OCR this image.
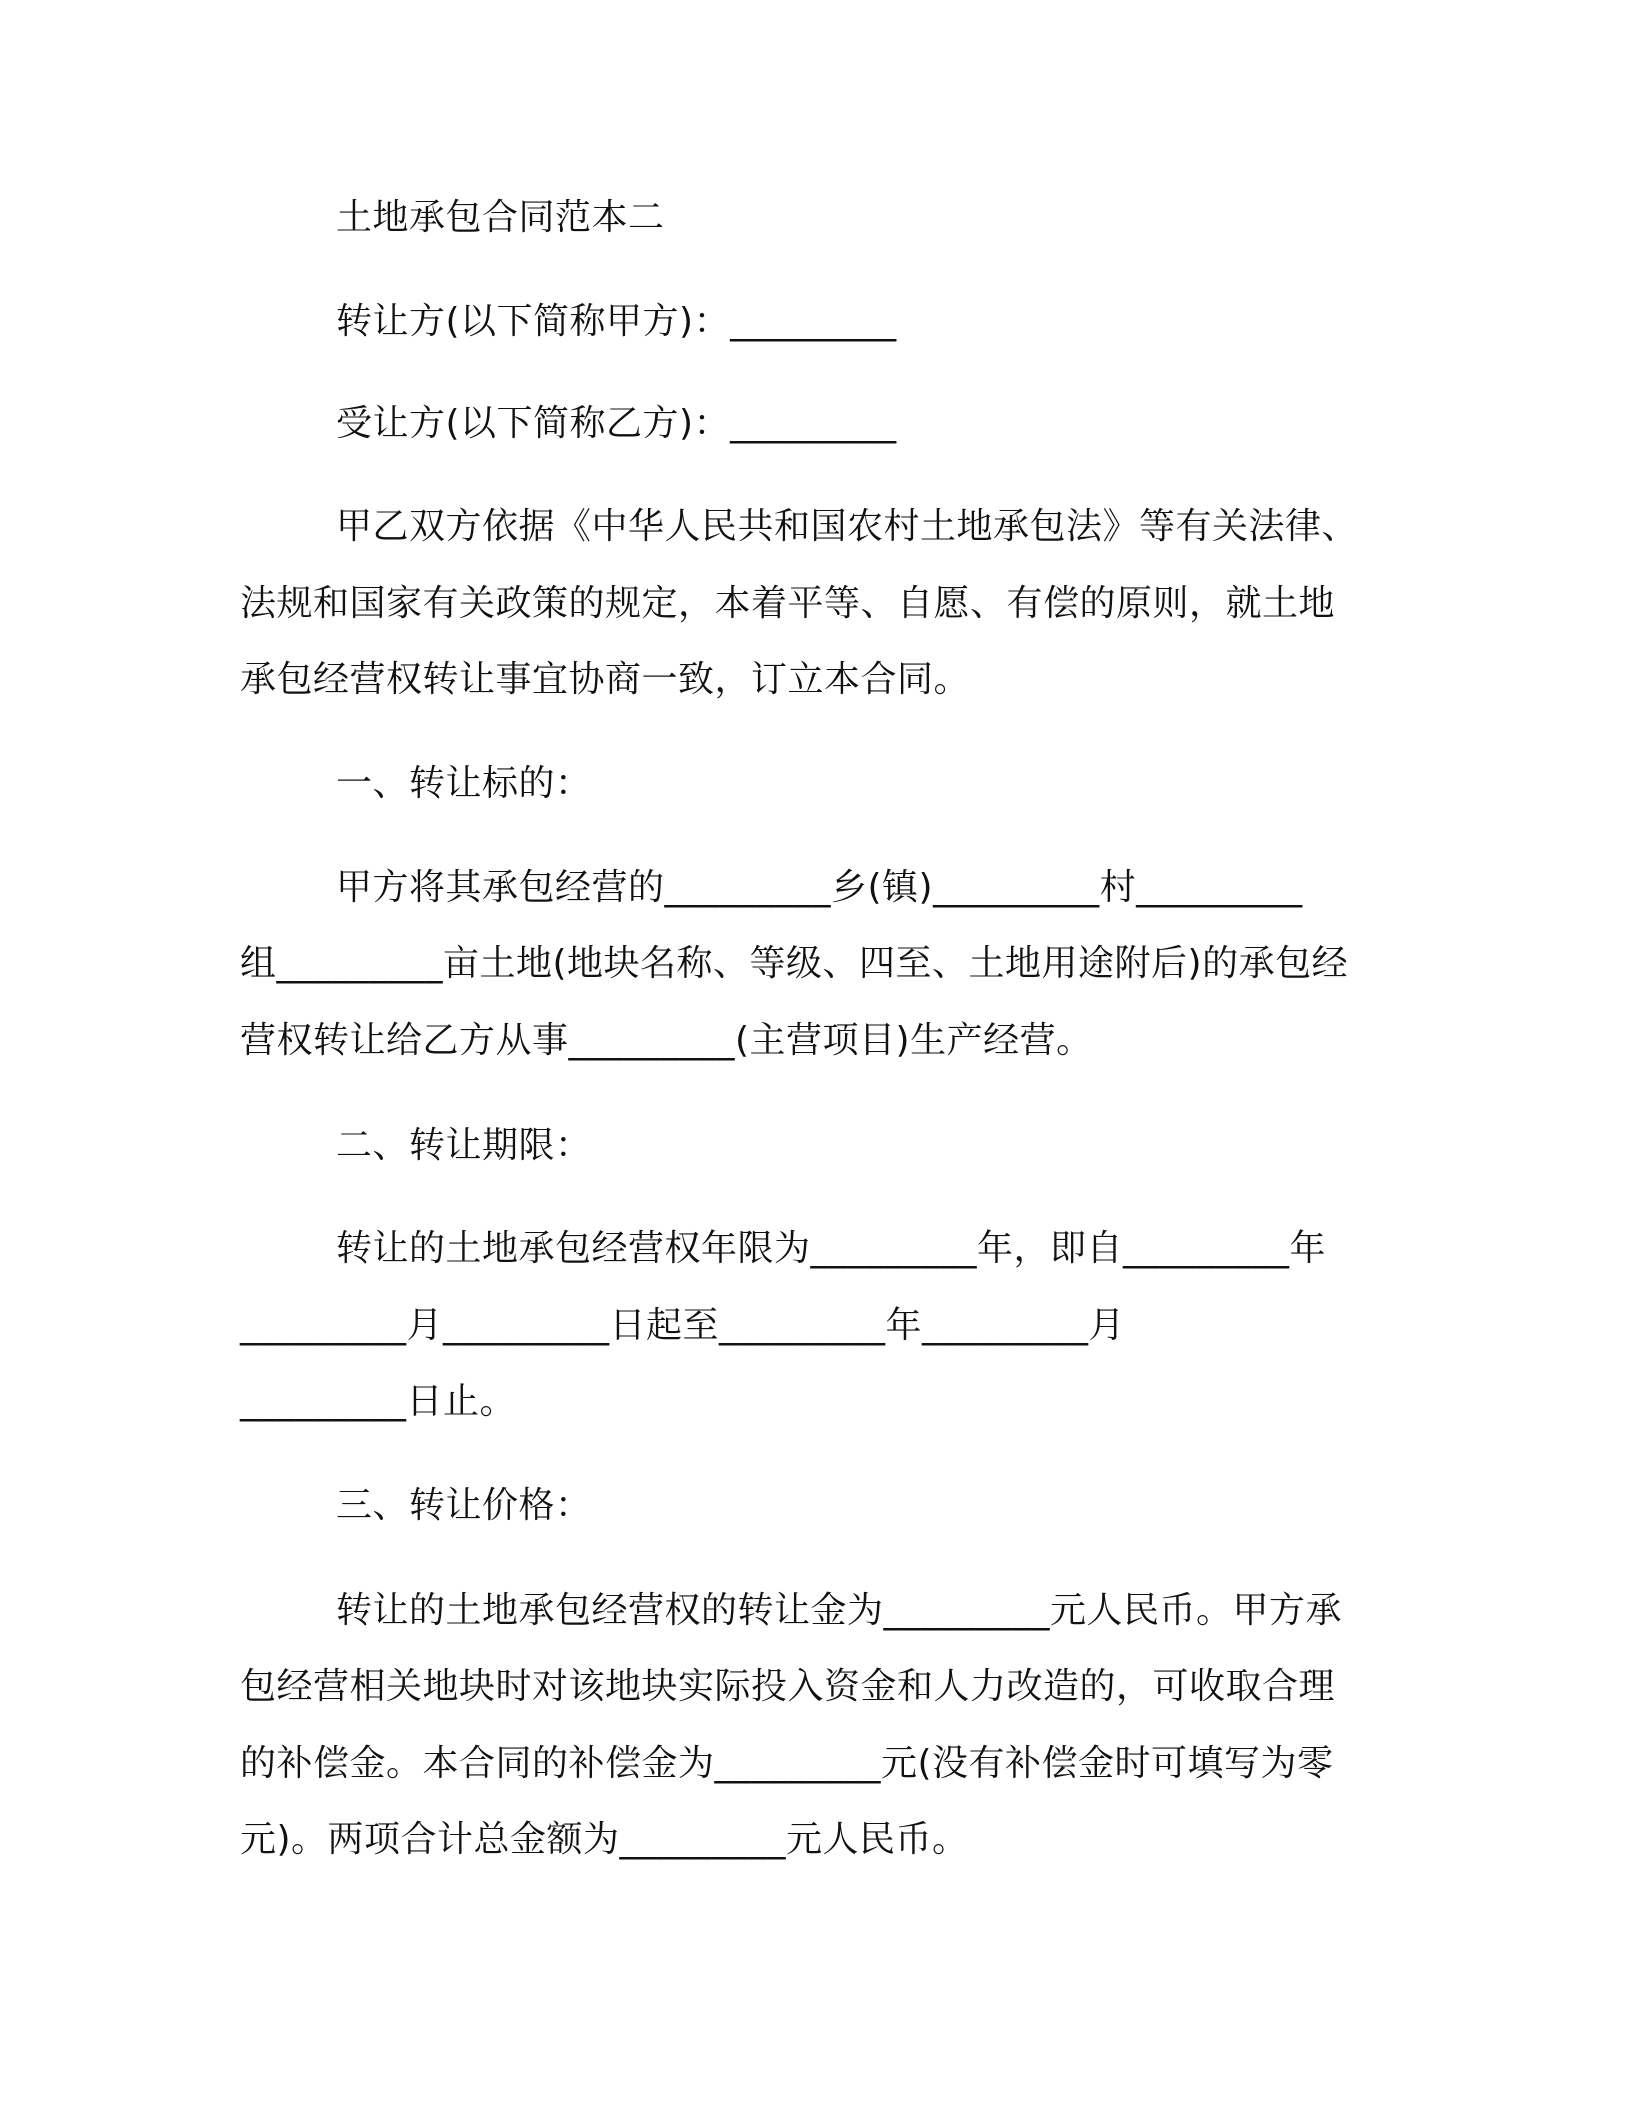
土地承包合同范本二
转让方(以下简称甲方)：_________
受让方(以下简称乙方)：_________
甲乙双方依据《中华人民共和国农村土地承包法》等有关法律、
法规和国家有关政策的规定，本着平等、自愿、有偿的原则，就土地
承包经营权转让事宜协商一致，订立本合同。
一、转让标的：
甲方将其承包经营的_________乡(镇)_________村_________
组_________亩土地(地块名称、等级、四至、土地用途附后)的承包经
营权转让给乙方从事_________(主营项目)生产经营。
二、转让期限：
转让的土地承包经营权年限为_________年，即自_________年
_________月_________日起至_________年_________月
_________日止。
三、转让价格：
转让的土地承包经营权的转让金为_________元人民币。甲方承
包经营相关地块时对该地块实际投入资金和人力改造的，可收取合理
的补偿金。本合同的补偿金为_________元(没有补偿金时可填写为零
元)。两项合计总金额为_________元人民币。
